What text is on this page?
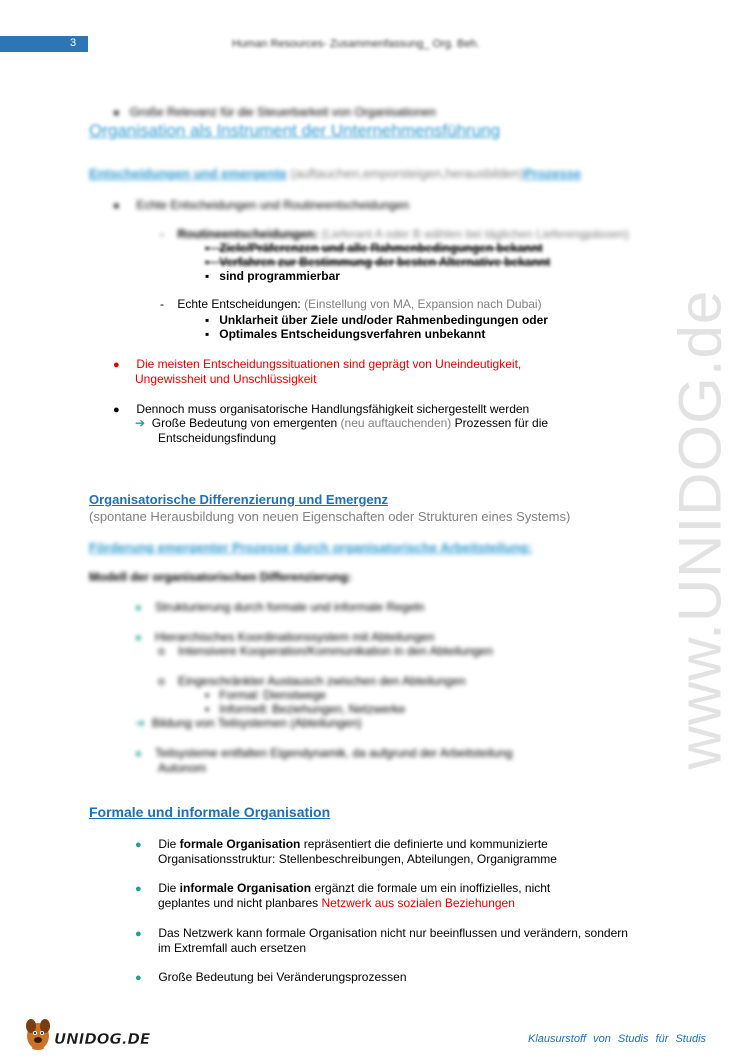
3	Human Resources- Zusammenfassung_ Org. Beh.
www.UNIDOG.de
● Große Relevanz für die Steuerbarkeit von Organisationen
Organisation als Instrument der Unternehmensführung
Entscheidungen und emergente (auftauchen,emporsteigen,herausbilden)Prozesse
● Echte Entscheidungen und Routineentscheidungen
- Routineentscheidungen: (Lieferant A oder B wählen bei täglichen Lieferengpässen)
▪   Ziele/Präferenzen und alle Rahmenbedingungen bekannt
▪   Verfahren zur Bestimmung der besten Alternative bekannt
▪   sind programmierbar
- Echte Entscheidungen: (Einstellung von MA, Expansion nach Dubai)
▪   Unklarheit über Ziele und/oder Rahmenbedingungen oder
▪   Optimales Entscheidungsverfahren unbekannt
● Die meisten Entscheidungssituationen sind geprägt von Uneindeutigkeit,
Ungewissheit und Unschlüssigkeit
● Dennoch muss organisatorische Handlungsfähigkeit sichergestellt werden
➔ Große Bedeutung von emergenten (neu auftauchenden) Prozessen für die
Entscheidungsfindung
Organisatorische Differenzierung und Emergenz
(spontane Herausbildung von neuen Eigenschaften oder Strukturen eines Systems)
Förderung emergenter Prozesse durch organisatorische Arbeitsteilung:
Modell der organisatorischen Differenzierung:
● Strukturierung durch formale und informale Regeln
● Hierarchisches Koordinationssystem mit Abteilungen
o    Intensivere Kooperation/Kommunikation in den Abteilungen
o    Eingeschränkter Austausch zwischen den Abteilungen
▪   Formal: Dienstwege
▪   Informell: Beziehungen, Netzwerke
➔ Bildung von Teilsystemen (Abteilungen)
● Teilsysteme entfalten Eigendynamik, da aufgrund der Arbeitsteilung
Autonom
Formale und informale Organisation
● Die formale Organisation repräsentiert die definierte und kommunizierte
Organisationsstruktur: Stellenbeschreibungen, Abteilungen, Organigramme
● Die informale Organisation ergänzt die formale um ein inoffizielles, nicht
geplantes und nicht planbares Netzwerk aus sozialen Beziehungen
● Das Netzwerk kann formale Organisation nicht nur beeinflussen und verändern, sondern
im Extremfall auch ersetzen
● Große Bedeutung bei Veränderungsprozessen
UNIDOG.DE	Klausurstoff von Studis für Studis
